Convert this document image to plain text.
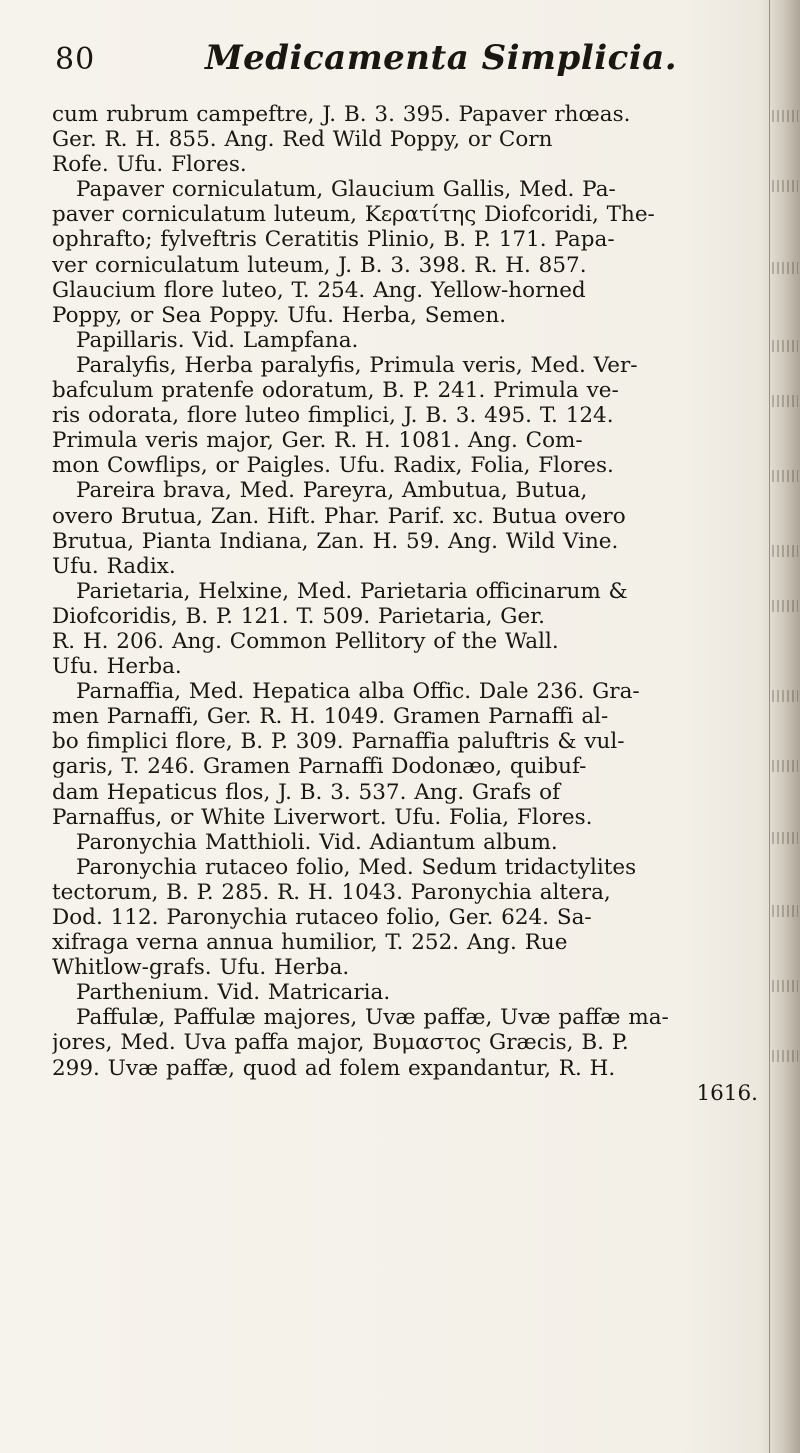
80	Medicamenta Simplicia.
cum rubrum campeftre, J. B. 3. 395. Papaver rhœas.
Ger. R. H. 855. Ang. Red Wild Poppy, or Corn
Rofe. Ufu. Flores.
Papaver corniculatum, Glaucium Gallis, Med. Pa-
paver corniculatum luteum, Κερατίτης Diofcoridi, The-
ophrafto; fylveftris Ceratitis Plinio, B. P. 171. Papa-
ver corniculatum luteum, J. B. 3. 398. R. H. 857.
Glaucium flore luteo, T. 254. Ang. Yellow-horned
Poppy, or Sea Poppy. Ufu. Herba, Semen.
Papillaris. Vid. Lampfana.
Paralyfis, Herba paralyfis, Primula veris, Med. Ver-
bafculum pratenfe odoratum, B. P. 241. Primula ve-
ris odorata, flore luteo fimplici, J. B. 3. 495. T. 124.
Primula veris major, Ger. R. H. 1081. Ang. Com-
mon Cowflips, or Paigles. Ufu. Radix, Folia, Flores.
Pareira brava, Med. Pareyra, Ambutua, Butua,
overo Brutua, Zan. Hift. Phar. Parif. xc. Butua overo
Brutua, Pianta Indiana, Zan. H. 59. Ang. Wild Vine.
Ufu. Radix.
Parietaria, Helxine, Med. Parietaria officinarum &
Diofcoridis, B. P. 121. T. 509. Parietaria, Ger.
R. H. 206. Ang. Common Pellitory of the Wall.
Ufu. Herba.
Parnaffia, Med. Hepatica alba Offic. Dale 236. Gra-
men Parnaffi, Ger. R. H. 1049. Gramen Parnaffi al-
bo fimplici flore, B. P. 309. Parnaffia paluftris & vul-
garis, T. 246. Gramen Parnaffi Dodonæo, quibuf-
dam Hepaticus flos, J. B. 3. 537. Ang. Grafs of
Parnaffus, or White Liverwort. Ufu. Folia, Flores.
Paronychia Matthioli. Vid. Adiantum album.
Paronychia rutaceo folio, Med. Sedum tridactylites
tectorum, B. P. 285. R. H. 1043. Paronychia altera,
Dod. 112. Paronychia rutaceo folio, Ger. 624. Sa-
xifraga verna annua humilior, T. 252. Ang. Rue
Whitlow-grafs. Ufu. Herba.
Parthenium. Vid. Matricaria.
Paffulæ, Paffulæ majores, Uvæ paffæ, Uvæ paffæ ma-
jores, Med. Uva paffa major, Βυμαστος Græcis, B. P.
299. Uvæ paffæ, quod ad folem expandantur, R. H.
1616.
